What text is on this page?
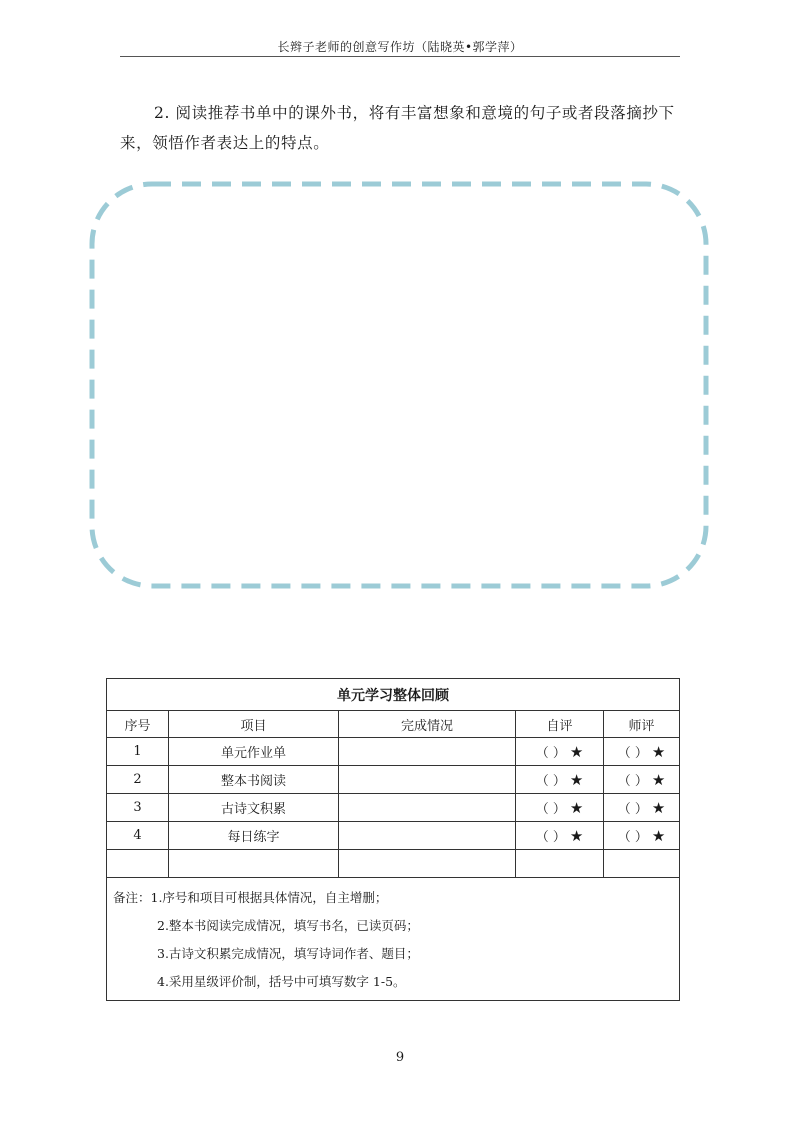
长辫子老师的创意写作坊（陆晓英•郭学萍）
2. 阅读推荐书单中的课外书，将有丰富想象和意境的句子或者段落摘抄下来，领悟作者表达上的特点。
单元学习整体回顾				
序号	项目	完成情况	自评	师评
1	单元作业单		（ ） ★	（ ） ★
2	整本书阅读		（ ） ★	（ ） ★
3	古诗文积累		（ ） ★	（ ） ★
4	每日练字		（ ） ★	（ ） ★

备注：1.序号和项目可根据具体情况，自主增删；
2.整本书阅读完成情况，填写书名，已读页码；
3.古诗文积累完成情况，填写诗词作者、题目；
4.采用星级评价制，括号中可填写数字 1-5。				
9
